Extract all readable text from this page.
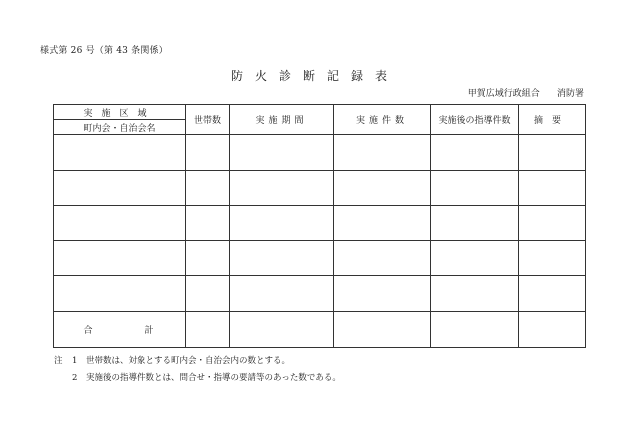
様式第 26 号（第 43 条関係）
防火診断記録表
甲賀広域行政組合 消防署
実施区域	世帯数	実施期間	実施件数	実施後の指導件数	摘要
町内会・自治会名					

合 計					
注 1 世帯数は、対象とする町内会・自治会内の数とする。
2 実施後の指導件数とは、問合せ・指導の要請等のあった数である。
